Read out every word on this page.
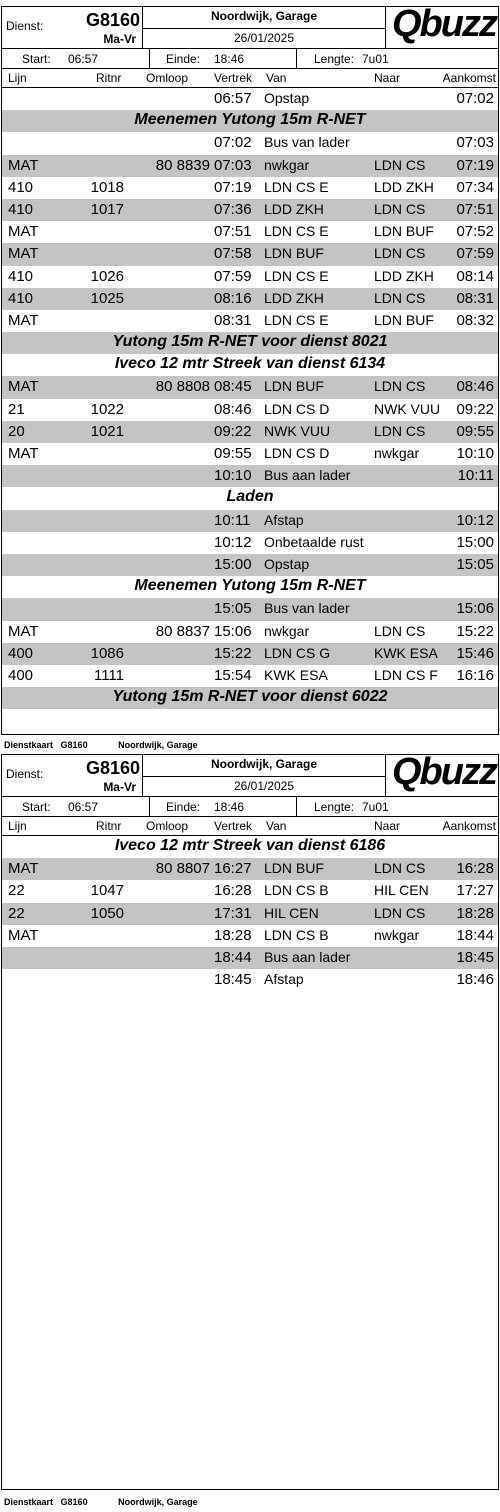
Dienst: G8160
Ma-Vr
Noordwijk, Garage
26/01/2025	Qbuzz
Start: 06:57	Einde: 18:46	Lengte: 7u01
Lijn	Ritnr Omloop Vertrek Van	Naar	Aankomst
06:57 Opstap	07:02
Meenemen Yutong 15m R-NET
07:02 Bus van lader	07:03
MAT	80 8839 07:03 nwkgar	LDN CS 07:19
410	1018	07:19 LDN CS E	LDD ZKH 07:34
410	1017	07:36 LDD ZKH	LDN CS 07:51
MAT	07:51 LDN CS E	LDN BUF 07:52
MAT	07:58 LDN BUF	LDN CS 07:59
410	1026	07:59 LDN CS E	LDD ZKH 08:14
410	1025	08:16 LDD ZKH	LDN CS 08:31
MAT	08:31 LDN CS E	LDN BUF 08:32
Yutong 15m R-NET voor dienst 8021
Iveco 12 mtr Streek van dienst 6134
MAT	80 8808 08:45 LDN BUF	LDN CS 08:46
21	1022	08:46 LDN CS D	NWK VUU 09:22
20	1021	09:22 NWK VUU	LDN CS 09:55
MAT	09:55 LDN CS D	nwkgar 10:10
10:10 Bus aan lader	10:11
Laden
10:11 Afstap	10:12
10:12 Onbetaalde rust	15:00
15:00 Opstap	15:05
Meenemen Yutong 15m R-NET
15:05 Bus van lader	15:06
MAT	80 8837 15:06 nwkgar	LDN CS 15:22
400	1086	15:22 LDN CS G	KWK ESA 15:46
400	1111	15:54 KWK ESA	LDN CS F 16:16
Yutong 15m R-NET voor dienst 6022
Dienstkaart G8160	Noordwijk, Garage
Dienst: G8160
Ma-Vr
Noordwijk, Garage
26/01/2025	Qbuzz
Start: 06:57	Einde: 18:46	Lengte: 7u01
Lijn	Ritnr Omloop Vertrek Van	Naar	Aankomst
Iveco 12 mtr Streek van dienst 6186
MAT	80 8807 16:27 LDN BUF	LDN CS 16:28
22	1047	16:28 LDN CS B	HIL CEN 17:27
22	1050	17:31 HIL CEN	LDN CS 18:28
MAT	18:28 LDN CS B	nwkgar 18:44
18:44 Bus aan lader	18:45
18:45 Afstap	18:46
Dienstkaart G8160	Noordwijk, Garage
